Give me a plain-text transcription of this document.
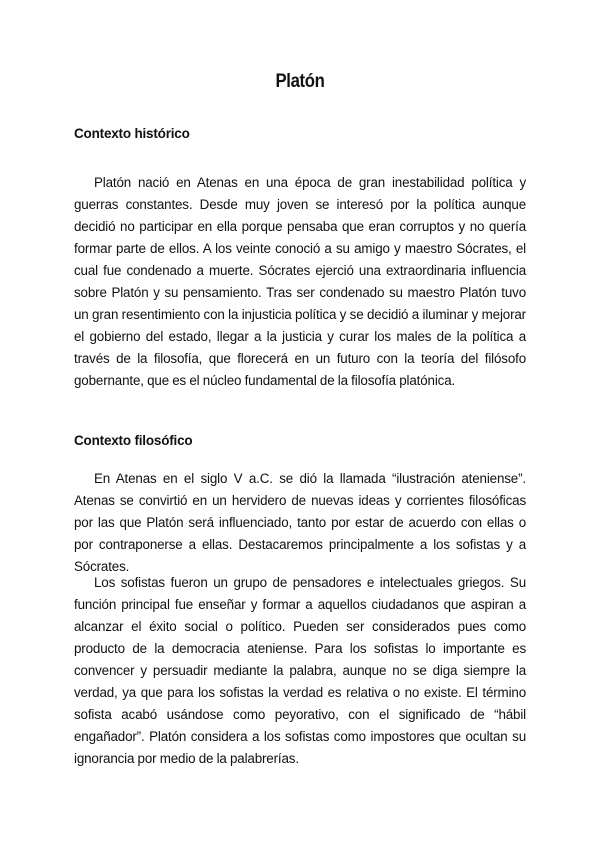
Platón
Contexto histórico

Platón nació en Atenas en una época de gran inestabilidad política y guerras constantes. Desde muy joven se interesó por la política aunque decidió no participar en ella porque pensaba que eran corruptos y no quería formar parte de ellos. A los veinte conoció a su amigo y maestro Sócrates, el cual fue condenado a muerte. Sócrates ejerció una extraordinaria influencia sobre Platón y su pensamiento. Tras ser condenado su maestro Platón tuvo un gran resentimiento con la injusticia política y se decidió a iluminar y mejorar el gobierno del estado, llegar a la justicia y curar los males de la política a través de la filosofía, que florecerá en un futuro con la teoría del filósofo gobernante, que es el núcleo fundamental de la filosofía platónica.

Contexto filosófico

En Atenas en el siglo V a.C. se dió la llamada “ilustración ateniense”. Atenas se convirtió en un hervidero de nuevas ideas y corrientes filosóficas por las que Platón será influenciado, tanto por estar de acuerdo con ellas o por contraponerse a ellas. Destacaremos principalmente a los sofistas y a Sócrates.

Los sofistas fueron un grupo de pensadores e intelectuales griegos. Su función principal fue enseñar y formar a aquellos ciudadanos que aspiran a alcanzar el éxito social o político. Pueden ser considerados pues como producto de la democracia ateniense. Para los sofistas lo importante es convencer y persuadir mediante la palabra, aunque no se diga siempre la verdad, ya que para los sofistas la verdad es relativa o no existe. El término sofista acabó usándose como peyorativo, con el significado de “hábil engañador”. Platón considera a los sofistas como impostores que ocultan su ignorancia por medio de la palabrerías.
